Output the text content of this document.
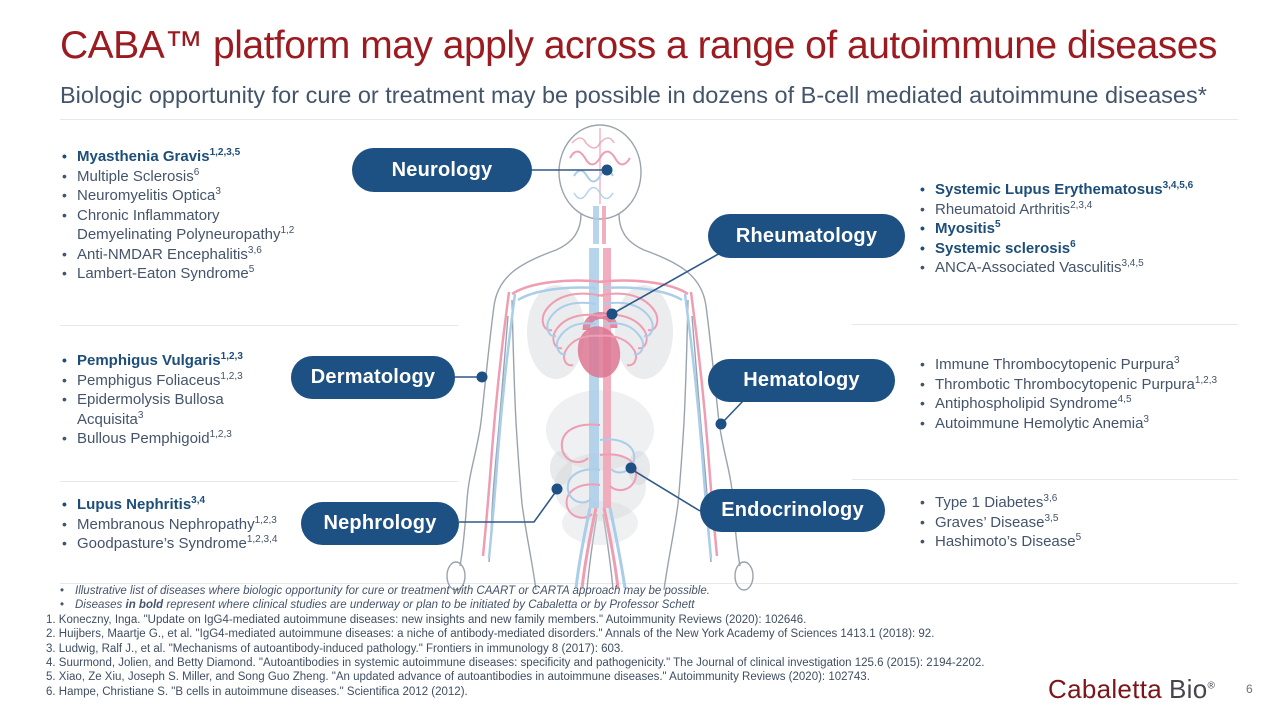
CABA™ platform may apply across a range of autoimmune diseases
Biologic opportunity for cure or treatment may be possible in dozens of B-cell mediated autoimmune diseases*
Neurology
Rheumatology
Dermatology	Hematology
Nephrology
Endocrinology
• Myasthenia Gravis$^{1,2,3,5}$
• Multiple Sclerosis$^6$
• Neuromyelitis Optica$^3$
• Chronic Inflammatory
Demyelinating Polyneuropathy$^{1,2}$
• Anti-NMDAR Encephalitis$^{3,6}$
• Lambert-Eaton Syndrome$^5$
• Pemphigus Vulgaris$^{1,2,3}$
• Pemphigus Foliaceus$^{1,2,3}$
• Epidermolysis Bullosa
Acquisita$^3$
• Bullous Pemphigoid$^{1,2,3}$
• Lupus Nephritis$^{3,4}$
• Membranous Nephropathy$^{1,2,3}$
• Goodpasture’s Syndrome$^{1,2,3,4}$
• Systemic Lupus Erythematosus$^{3,4,5,6}$
• Rheumatoid Arthritis$^{2,3,4}$
• Myositis$^5$
• Systemic sclerosis$^6$
• ANCA-Associated Vasculitis$^{3,4,5}$
• Immune Thrombocytopenic Purpura$^3$
• Thrombotic Thrombocytopenic Purpura$^{1,2,3}$
• Antiphospholipid Syndrome$^{4,5}$
• Autoimmune Hemolytic Anemia$^3$
• Type 1 Diabetes$^{3,6}$
• Graves’ Disease$^{3,5}$
• Hashimoto’s Disease$^5$
• Illustrative list of diseases where biologic opportunity for cure or treatment with CAART or CARTA approach may be possible.
• Diseases in bold represent where clinical studies are underway or plan to be initiated by Cabaletta or by Professor Schett
1. Koneczny, Inga. "Update on IgG4-mediated autoimmune diseases: new insights and new family members." Autoimmunity Reviews (2020): 102646.
2. Huijbers, Maartje G., et al. "IgG4-mediated autoimmune diseases: a niche of antibody-mediated disorders." Annals of the New York Academy of Sciences 1413.1 (2018): 92.
3. Ludwig, Ralf J., et al. "Mechanisms of autoantibody-induced pathology." Frontiers in immunology 8 (2017): 603.
4. Suurmond, Jolien, and Betty Diamond. "Autoantibodies in systemic autoimmune diseases: specificity and pathogenicity." The Journal of clinical investigation 125.6 (2015): 2194-2202.
5. Xiao, Ze Xiu, Joseph S. Miller, and Song Guo Zheng. "An updated advance of autoantibodies in autoimmune diseases." Autoimmunity Reviews (2020): 102743.
6. Hampe, Christiane S. "B cells in autoimmune diseases." Scientifica 2012 (2012).	Cabaletta Bio®	6
